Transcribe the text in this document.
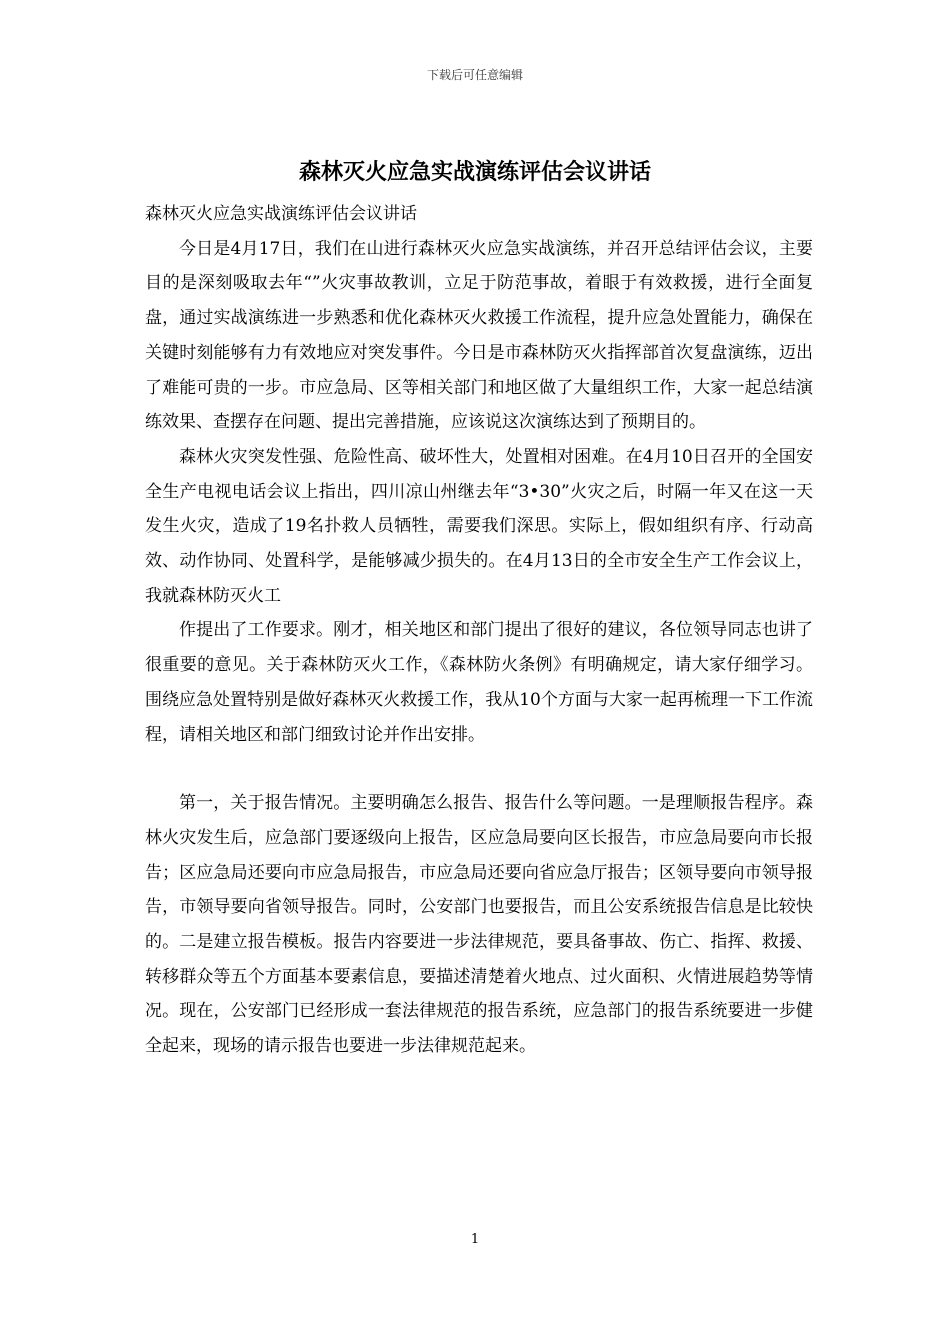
下载后可任意编辑
森林灭火应急实战演练评估会议讲话

森林灭火应急实战演练评估会议讲话

今日是4月17日，我们在山进行森林灭火应急实战演练，并召开总结评估会议，主要目的是深刻吸取去年“”火灾事故教训，立足于防范事故，着眼于有效救援，进行全面复盘，通过实战演练进一步熟悉和优化森林灭火救援工作流程，提升应急处置能力，确保在关键时刻能够有力有效地应对突发事件。今日是市森林防灭火指挥部首次复盘演练，迈出了难能可贵的一步。市应急局、区等相关部门和地区做了大量组织工作，大家一起总结演练效果、查摆存在问题、提出完善措施，应该说这次演练达到了预期目的。

森林火灾突发性强、危险性高、破坏性大，处置相对困难。在4月10日召开的全国安全生产电视电话会议上指出，四川凉山州继去年“3•30”火灾之后，时隔一年又在这一天发生火灾，造成了19名扑救人员牺牲，需要我们深思。实际上，假如组织有序、行动高效、动作协同、处置科学，是能够减少损失的。在4月13日的全市安全生产工作会议上，我就森林防灭火工

作提出了工作要求。刚才，相关地区和部门提出了很好的建议，各位领导同志也讲了很重要的意见。关于森林防灭火工作，《森林防火条例》有明确规定，请大家仔细学习。围绕应急处置特别是做好森林灭火救援工作，我从10个方面与大家一起再梳理一下工作流程，请相关地区和部门细致讨论并作出安排。

第一，关于报告情况。主要明确怎么报告、报告什么等问题。一是理顺报告程序。森林火灾发生后，应急部门要逐级向上报告，区应急局要向区长报告，市应急局要向市长报告；区应急局还要向市应急局报告，市应急局还要向省应急厅报告；区领导要向市领导报告，市领导要向省领导报告。同时，公安部门也要报告，而且公安系统报告信息是比较快的。二是建立报告模板。报告内容要进一步法律规范，要具备事故、伤亡、指挥、救援、转移群众等五个方面基本要素信息，要描述清楚着火地点、过火面积、火情进展趋势等情况。现在，公安部门已经形成一套法律规范的报告系统，应急部门的报告系统要进一步健全起来，现场的请示报告也要进一步法律规范起来。

1
